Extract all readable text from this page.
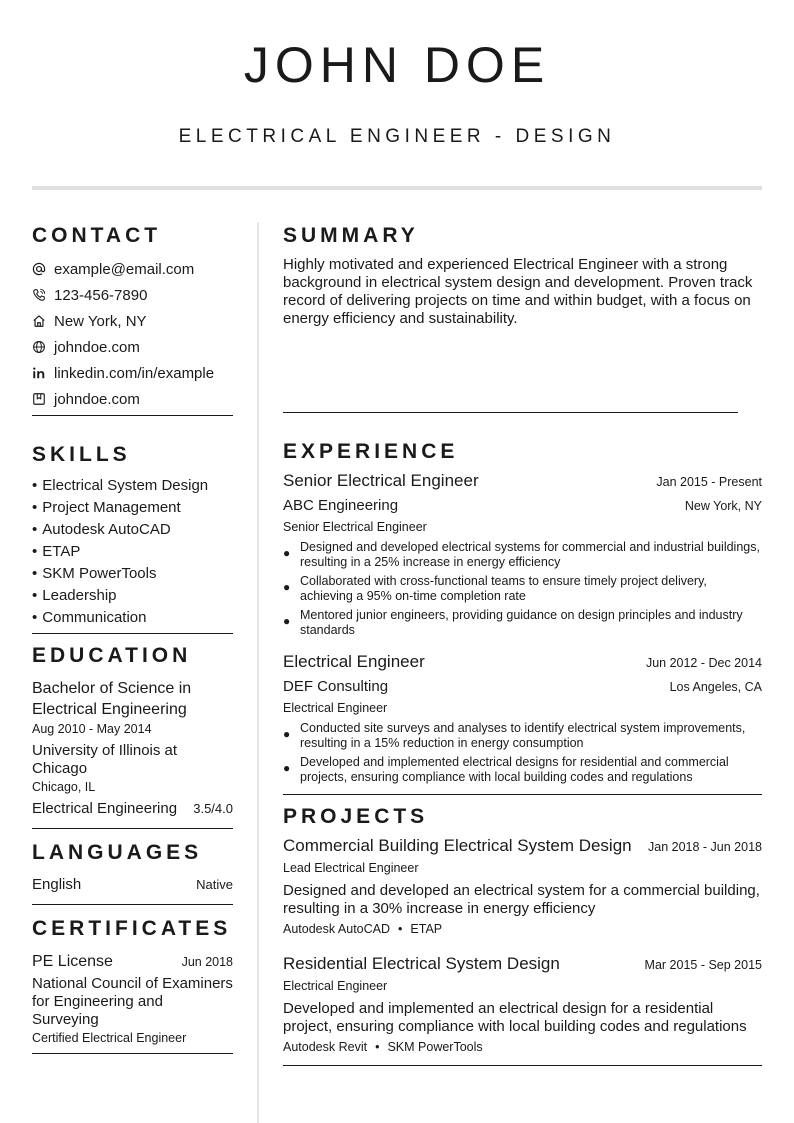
JOHN DOE
ELECTRICAL ENGINEER - DESIGN
CONTACT
example@email.com
123-456-7890
New York, NY
johndoe.com
linkedin.com/in/example
johndoe.com
SKILLS
• Electrical System Design
• Project Management
• Autodesk AutoCAD
• ETAP
• SKM PowerTools
• Leadership
• Communication
EDUCATION
Bachelor of Science in Electrical Engineering
Aug 2010 - May 2014
University of Illinois at Chicago
Chicago, IL
Electrical Engineering 3.5/4.0
LANGUAGES
English	Native
CERTIFICATES
PE License	Jun 2018
National Council of Examiners for Engineering and Surveying
Certified Electrical Engineer
SUMMARY

Highly motivated and experienced Electrical Engineer with a strong background in electrical system design and development. Proven track record of delivering projects on time and within budget, with a focus on energy efficiency and sustainability.

EXPERIENCE
Senior Electrical Engineer	Jan 2015 - Present
ABC Engineering	New York, NY
Senior Electrical Engineer
● Designed and developed electrical systems for commercial and industrial buildings, resulting in a 25% increase in energy efficiency
● Collaborated with cross-functional teams to ensure timely project delivery, achieving a 95% on-time completion rate
● Mentored junior engineers, providing guidance on design principles and industry standards
Electrical Engineer	Jun 2012 - Dec 2014
DEF Consulting	Los Angeles, CA
Electrical Engineer
● Conducted site surveys and analyses to identify electrical system improvements, resulting in a 15% reduction in energy consumption
● Developed and implemented electrical designs for residential and commercial projects, ensuring compliance with local building codes and regulations
PROJECTS
Commercial Building Electrical System Design Jan 2018 - Jun 2018
Lead Electrical Engineer

Designed and developed an electrical system for a commercial building, resulting in a 30% increase in energy efficiency

Autodesk AutoCAD • ETAP
Residential Electrical System Design	Mar 2015 - Sep 2015
Electrical Engineer

Developed and implemented an electrical design for a residential project, ensuring compliance with local building codes and regulations

Autodesk Revit • SKM PowerTools
